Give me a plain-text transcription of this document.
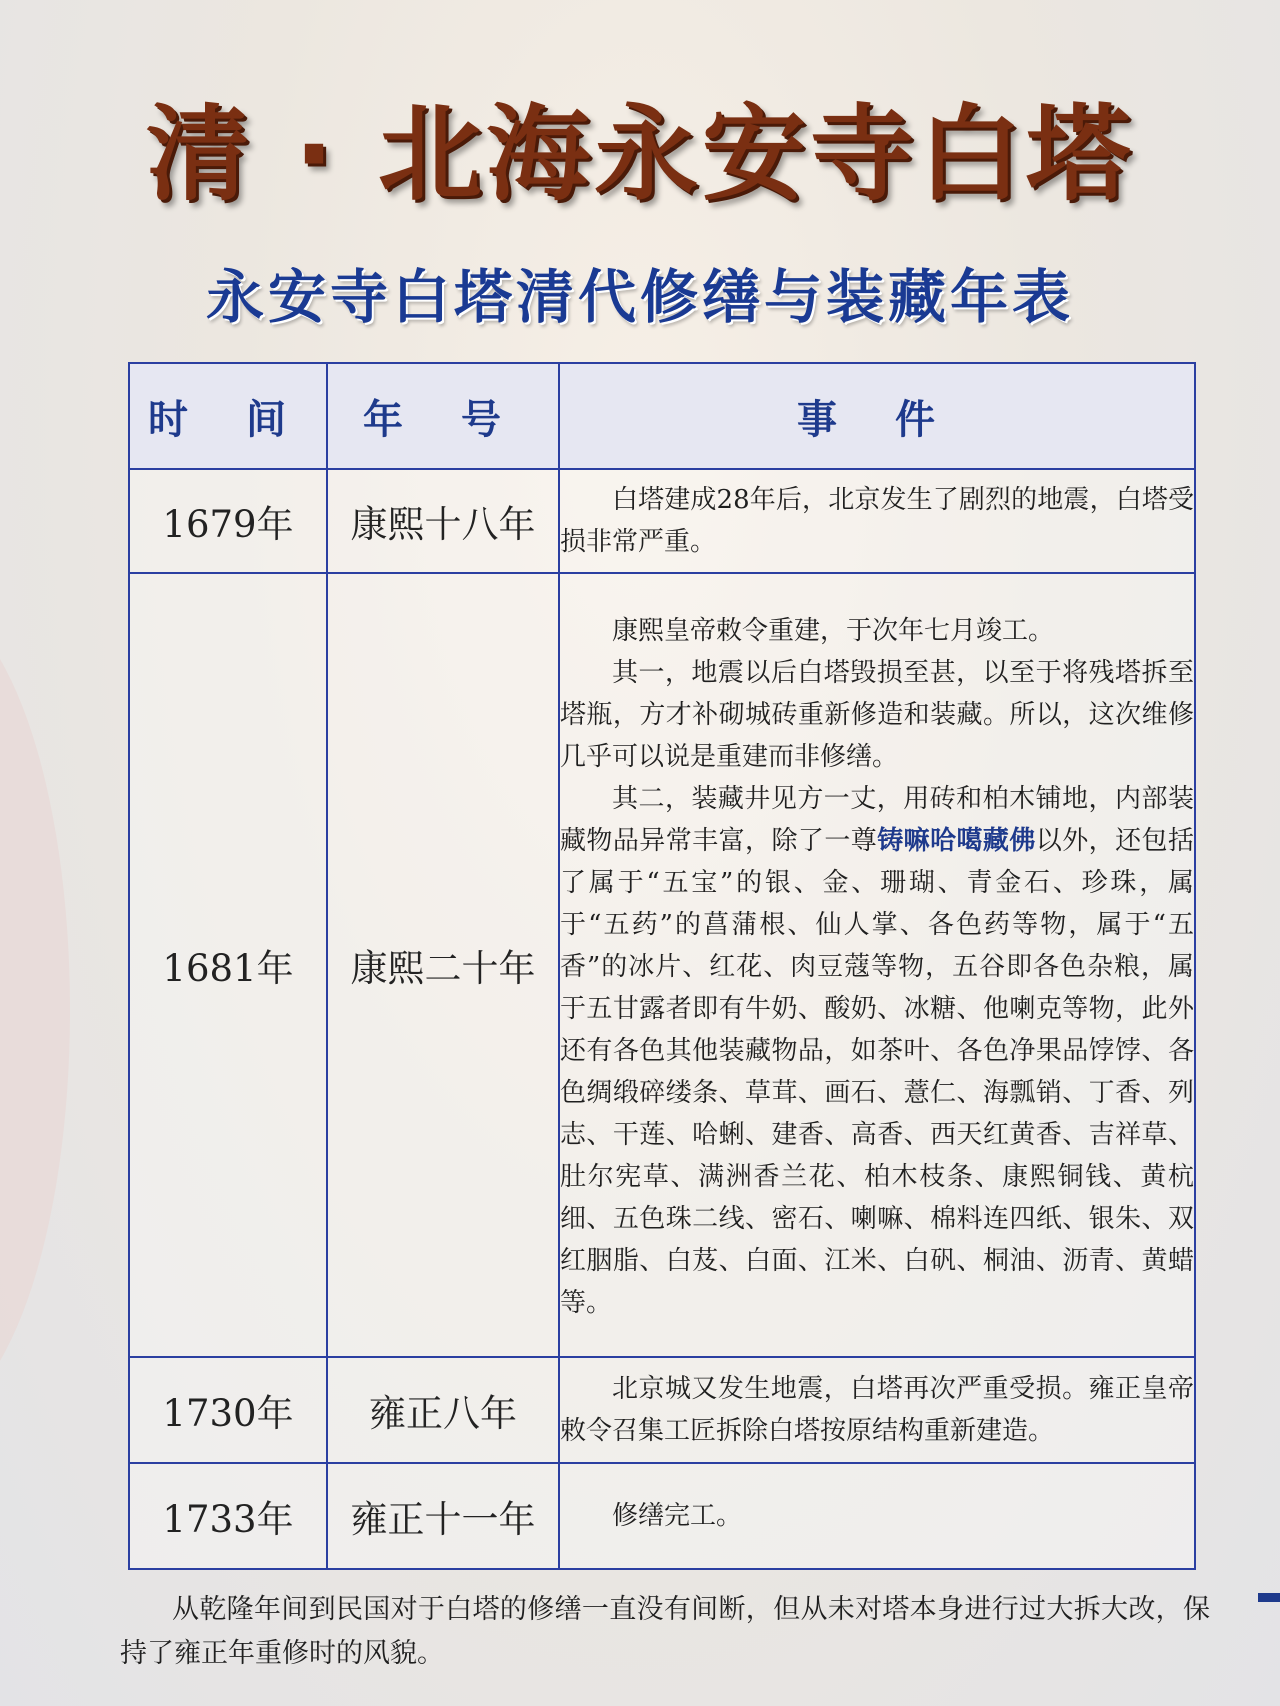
清 · 北海永安寺白塔
永安寺白塔清代修缮与装藏年表
时 间	年 号	事 件
1679年	康熙十八年	白塔建成28年后，北京发生了剧烈的地震，白塔受损非常严重。

1681年	康熙二十年	康熙皇帝敕令重建，于次年七月竣工。

其一，地震以后白塔毁损至甚，以至于将残塔拆至塔瓶，方才补砌城砖重新修造和装藏。所以，这次维修几乎可以说是重建而非修缮。

其二，装藏井见方一丈，用砖和柏木铺地，内部装藏物品异常丰富，除了一尊铸嘛哈噶藏佛以外，还包括了属于“五宝”的银、金、珊瑚、青金石、珍珠，属于“五药”的菖蒲根、仙人掌、各色药等物，属于“五香”的冰片、红花、肉豆蔻等物，五谷即各色杂粮，属于五甘露者即有牛奶、酸奶、冰糖、他喇克等物，此外还有各色其他装藏物品，如茶叶、各色净果品饽饽、各色绸缎碎缕条、草茸、画石、薏仁、海瓢销、丁香、列志、干莲、哈蜊、建香、高香、西天红黄香、吉祥草、肚尔宪草、满洲香兰花、柏木枝条、康熙铜钱、黄杭细、五色珠二线、密石、喇嘛、棉料连四纸、银朱、双红胭脂、白芨、白面、江米、白矾、桐油、沥青、黄蜡等。

1730年	雍正八年	北京城又发生地震，白塔再次严重受损。雍正皇帝敕令召集工匠拆除白塔按原结构重新建造。

1733年	雍正十一年	修缮完工。

从乾隆年间到民国对于白塔的修缮一直没有间断，但从未对塔本身进行过大拆大改，保持了雍正年重修时的风貌。
